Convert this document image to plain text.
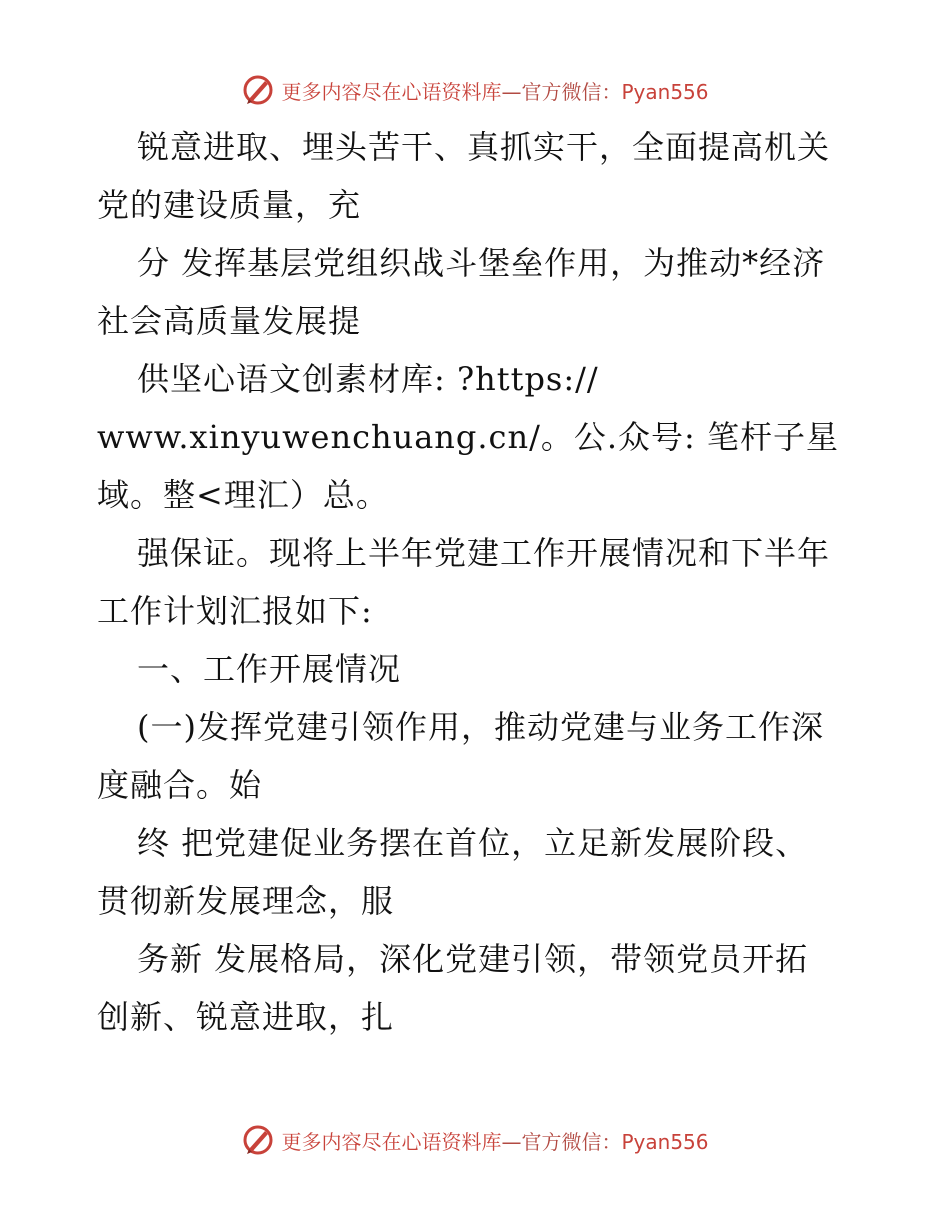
更多内容尽在心语资料库—官方微信：Pyan556
锐意进取、埋头苦干、真抓实干，全面提高机关
党的建设质量，充
分 发挥基层党组织战斗堡垒作用，为推动*经济
社会高质量发展提
供坚心语文创素材库: ?https://
www.xinyuwenchuang.cn/。公.众号: 笔杆子星
域。整<理汇）总。
强保证。现将上半年党建工作开展情况和下半年
工作计划汇报如下:
一、工作开展情况
(一)发挥党建引领作用，推动党建与业务工作深
度融合。始
终 把党建促业务摆在首位，立足新发展阶段、
贯彻新发展理念，服
务新 发展格局，深化党建引领，带领党员开拓
创新、锐意进取，扎
更多内容尽在心语资料库—官方微信：Pyan556
